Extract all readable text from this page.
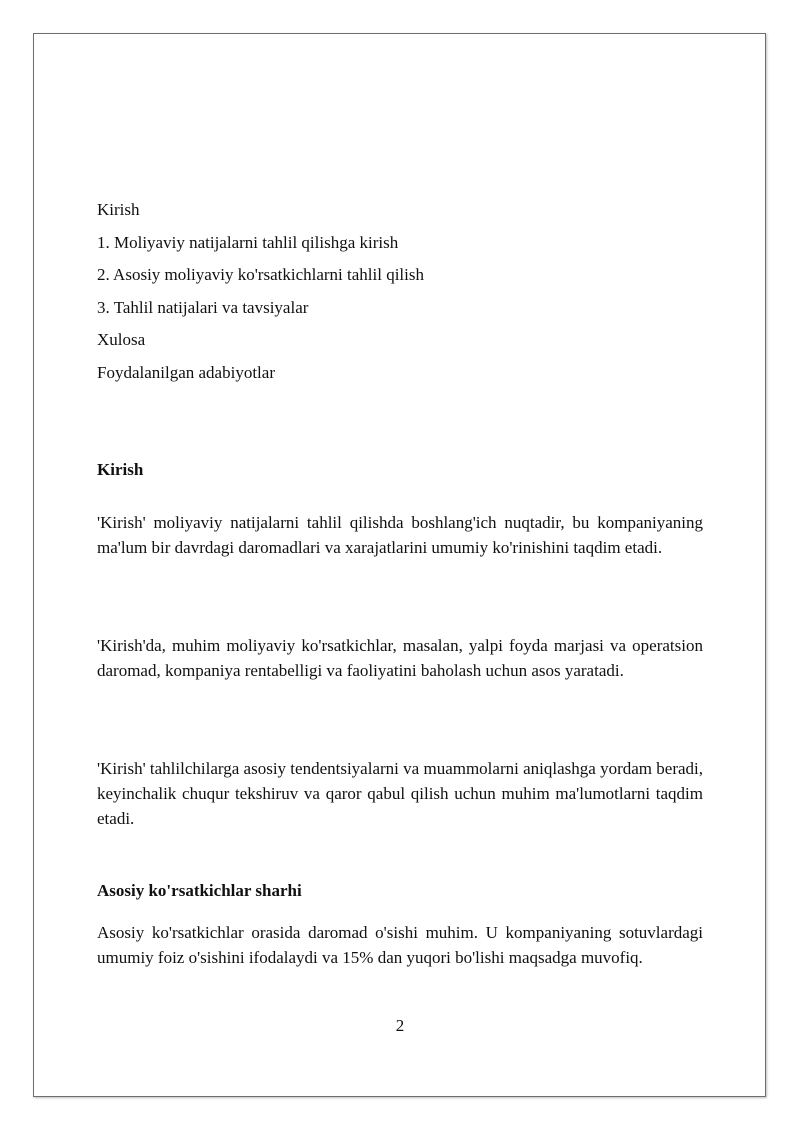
Kirish
1. Moliyaviy natijalarni tahlil qilishga kirish
2. Asosiy moliyaviy ko'rsatkichlarni tahlil qilish
3. Tahlil natijalari va tavsiyalar
Xulosa
Foydalanilgan adabiyotlar
Kirish
'Kirish' moliyaviy natijalarni tahlil qilishda boshlang'ich nuqtadir, bu kompaniyaning ma'lum bir davrdagi daromadlari va xarajatlarini umumiy ko'rinishini taqdim etadi.
'Kirish'da, muhim moliyaviy ko'rsatkichlar, masalan, yalpi foyda marjasi va operatsion daromad, kompaniya rentabelligi va faoliyatini baholash uchun asos yaratadi.
'Kirish' tahlilchilarga asosiy tendentsiyalarni va muammolarni aniqlashga yordam beradi, keyinchalik chuqur tekshiruv va qaror qabul qilish uchun muhim ma'lumotlarni taqdim etadi.
Asosiy ko'rsatkichlar sharhi
Asosiy ko'rsatkichlar orasida daromad o'sishi muhim. U kompaniyaning sotuvlardagi umumiy foiz o'sishini ifodalaydi va 15% dan yuqori bo'lishi maqsadga muvofiq.
2
